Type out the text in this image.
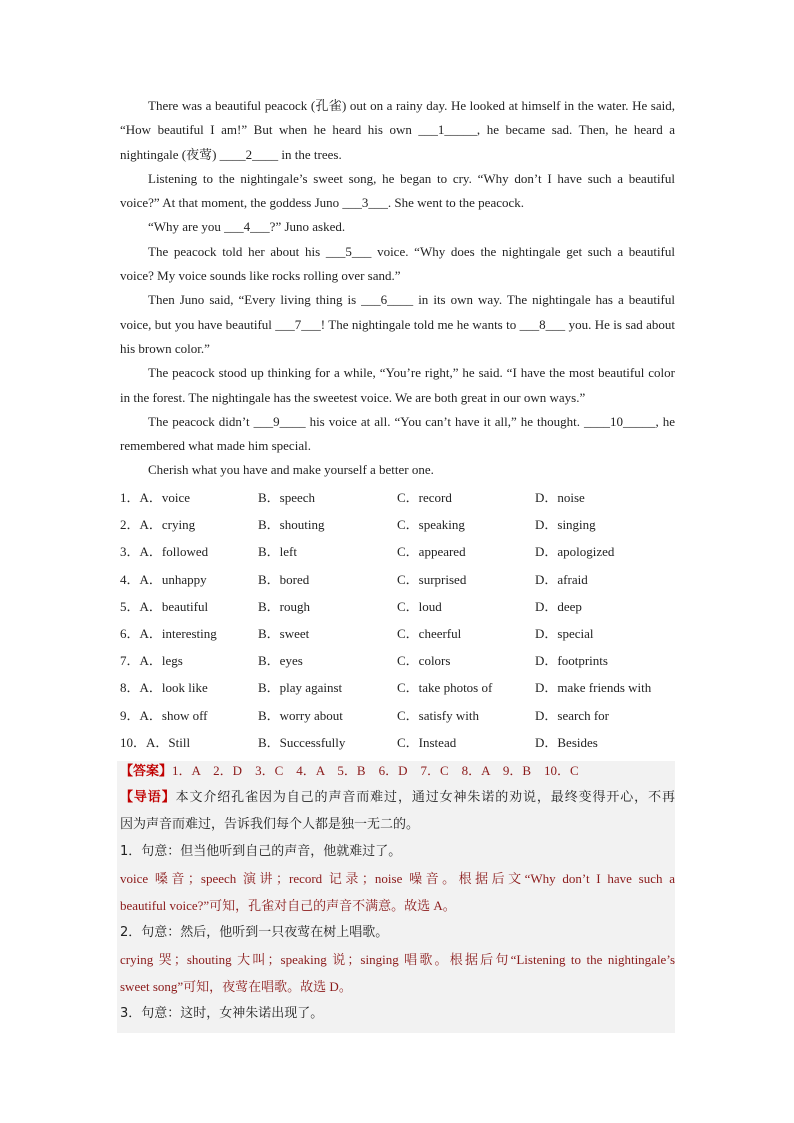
There was a beautiful peacock (孔雀) out on a rainy day. He looked at himself in the water. He said, “How beautiful I am!” But when he heard his own ___1_____, he became sad. Then, he heard a nightingale (夜莺) ____2____ in the trees.

Listening to the nightingale’s sweet song, he began to cry. “Why don’t I have such a beautiful voice?” At that moment, the goddess Juno ___3___. She went to the peacock.

“Why are you ___4___?” Juno asked.

The peacock told her about his ___5___ voice. “Why does the nightingale get such a beautiful voice? My voice sounds like rocks rolling over sand.”

Then Juno said, “Every living thing is ___6____ in its own way. The nightingale has a beautiful voice, but you have beautiful ___7___! The nightingale told me he wants to ___8___ you. He is sad about his brown color.”

The peacock stood up thinking for a while, “You’re right,” he said. “I have the most beautiful color in the forest. The nightingale has the sweetest voice. We are both great in our own ways.”

The peacock didn’t ___9____ his voice at all. “You can’t have it all,” he thought. ____10_____, he remembered what made him special.

Cherish what you have and make yourself a better one.

1．A．voice	B．speech	C．record	D．noise
2．A．crying	B．shouting	C．speaking	D．singing
3．A．followed	B．left	C．appeared	D．apologized
4．A．unhappy	B．bored	C．surprised	D．afraid
5．A．beautiful	B．rough	C．loud	D．deep
6．A．interesting	B．sweet	C．cheerful	D．special
7．A．legs	B．eyes	C．colors	D．footprints
8．A．look like	B．play against	C．take photos of	D．make friends with
9．A．show off	B．worry about	C．satisfy with	D．search for
10．A．Still	B．Successfully	C．Instead	D．Besides
【答案】1．A　2．D　3．C　4．A　5．B　6．D　7．C　8．A　9．B　10．C
【导语】本文介绍孔雀因为自己的声音而难过，通过女神朱诺的劝说，最终变得开心，不再
因为声音而难过，告诉我们每个人都是独一无二的。
1．句意：但当他听到自己的声音，他就难过了。
voice 嗓音；speech 演讲；record 记录；noise 噪音。根据后文“Why don’t I have such a
beautiful voice?”可知，孔雀对自己的声音不满意。故选 A。
2．句意：然后，他听到一只夜莺在树上唱歌。
crying 哭；shouting 大叫；speaking 说；singing 唱歌。根据后句“Listening to the nightingale’s
sweet song”可知，夜莺在唱歌。故选 D。
3．句意：这时，女神朱诺出现了。
